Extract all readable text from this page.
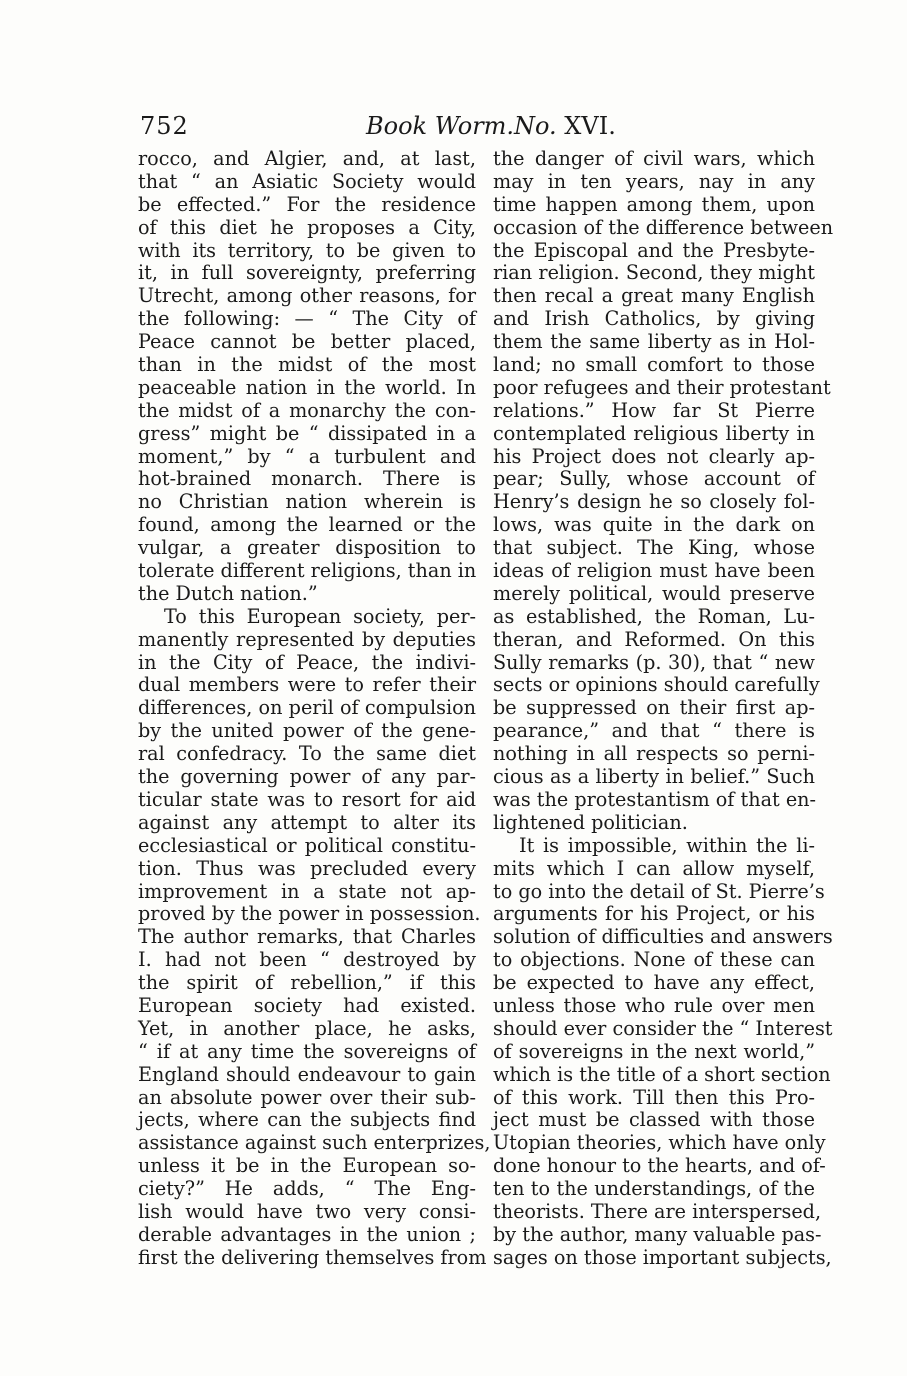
752	Book Worm. No. XVI.
rocco, and Algier, and, at last,
that “ an Asiatic Society would
be effected.” For the residence
of this diet he proposes a City,
with its territory, to be given to
it, in full sovereignty, preferring
Utrecht, among other reasons, for
the following: — “ The City of
Peace cannot be better placed,
than in the midst of the most
peaceable nation in the world. In
the midst of a monarchy the con-
gress” might be “ dissipated in a
moment,” by “ a turbulent and
hot-brained monarch. There is
no Christian nation wherein is
found, among the learned or the
vulgar, a greater disposition to
tolerate different religions, than in
the Dutch nation.”
To this European society, per-
manently represented by deputies
in the City of Peace, the indivi-
dual members were to refer their
differences, on peril of compulsion
by the united power of the gene-
ral confedracy. To the same diet
the governing power of any par-
ticular state was to resort for aid
against any attempt to alter its
ecclesiastical or political constitu-
tion. Thus was precluded every
improvement in a state not ap-
proved by the power in possession.
The author remarks, that Charles
I. had not been “ destroyed by
the spirit of rebellion,” if this
European society had existed.
Yet, in another place, he asks,
“ if at any time the sovereigns of
England should endeavour to gain
an absolute power over their sub-
jects, where can the subjects find
assistance against such enterprizes,
unless it be in the European so-
ciety?” He adds, “ The Eng-
lish would have two very consi-
derable advantages in the union ;
first the delivering themselves from
the danger of civil wars, which
may in ten years, nay in any
time happen among them, upon
occasion of the difference between
the Episcopal and the Presbyte-
rian religion. Second, they might
then recal a great many English
and Irish Catholics, by giving
them the same liberty as in Hol-
land; no small comfort to those
poor refugees and their protestant
relations.” How far St Pierre
contemplated religious liberty in
his Project does not clearly ap-
pear; Sully, whose account of
Henry’s design he so closely fol-
lows, was quite in the dark on
that subject. The King, whose
ideas of religion must have been
merely political, would preserve
as established, the Roman, Lu-
theran, and Reformed. On this
Sully remarks (p. 30), that “ new
sects or opinions should carefully
be suppressed on their first ap-
pearance,” and that “ there is
nothing in all respects so perni-
cious as a liberty in belief.” Such
was the protestantism of that en-
lightened politician.
It is impossible, within the li-
mits which I can allow myself,
to go into the detail of St. Pierre’s
arguments for his Project, or his
solution of difficulties and answers
to objections. None of these can
be expected to have any effect,
unless those who rule over men
should ever consider the “ Interest
of sovereigns in the next world,”
which is the title of a short section
of this work. Till then this Pro-
ject must be classed with those
Utopian theories, which have only
done honour to the hearts, and of-
ten to the understandings, of the
theorists. There are interspersed,
by the author, many valuable pas-
sages on those important subjects,
